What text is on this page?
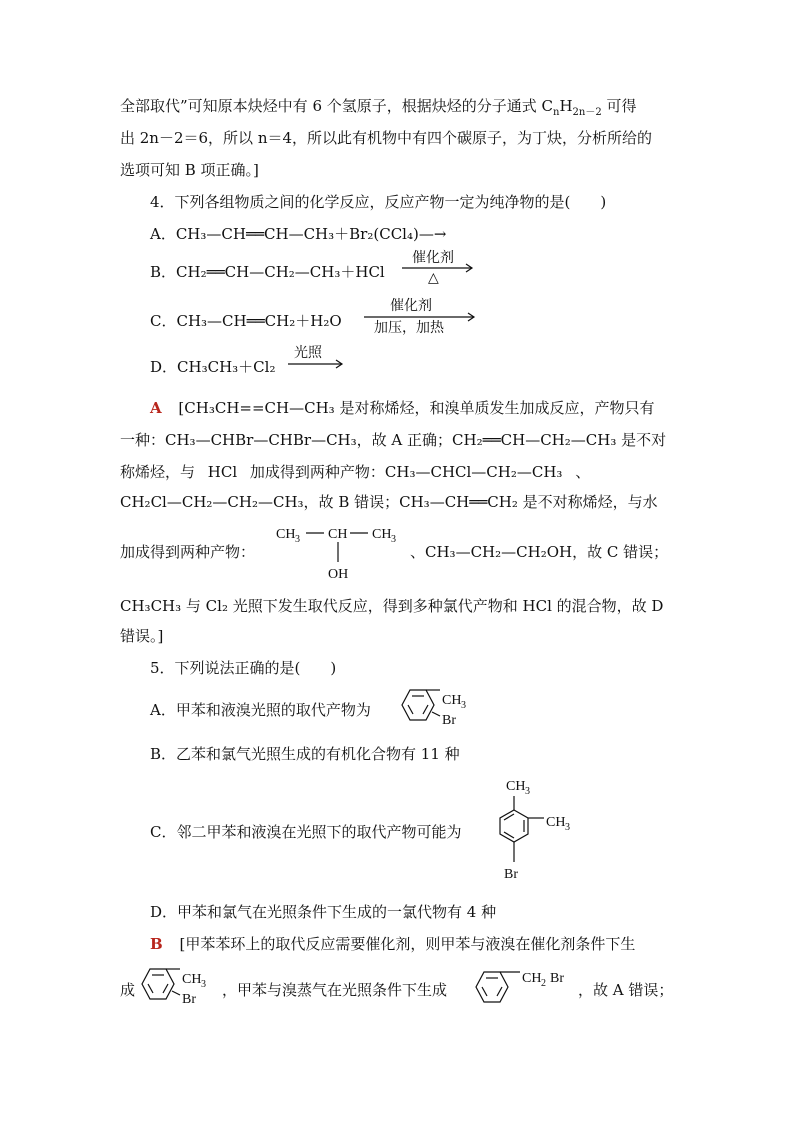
全部取代”可知原本炔烃中有 6 个氢原子，根据炔烃的分子通式 $C_nH_{2n-2}$ 可得
出 2n－2＝6，所以 n＝4，所以此有机物中有四个碳原子，为丁炔，分析所给的
选项可知 B 项正确。]
4．下列各组物质之间的化学反应，反应产物一定为纯净物的是(　　)
A．CH₃—CH══CH—CH₃＋Br₂(CCl₄)—→
B．CH₂══CH—CH₂—CH₃＋HCl
催化剂
△
C．CH₃—CH══CH₂＋H₂O
催化剂
加压，加热
D．CH₃CH₃＋Cl₂
光照
A [CH₃CH==CH—CH₃ 是对称烯烃，和溴单质发生加成反应，产物只有
一种：CH₃—CHBr—CHBr—CH₃，故 A 正确；CH₂══CH—CH₂—CH₃ 是不对
称烯烃，与 HCl 加成得到两种产物：CH₃—CHCl—CH₂—CH₃ 、
CH₂Cl—CH₂—CH₂—CH₃，故 B 错误；CH₃—CH══CH₂ 是不对称烯烃，与水
加成得到两种产物：
CH 3 CH CH 3
OH
、CH₃—CH₂—CH₂OH，故 C 错误；
CH₃CH₃ 与 Cl₂ 光照下发生取代反应，得到多种氯代产物和 HCl 的混合物，故 D
错误。]
5．下列说法正确的是(　　)
A．甲苯和液溴光照的取代产物为
CH 3
Br
B．乙苯和氯气光照生成的有机化合物有 11 种
C．邻二甲苯和液溴在光照下的取代产物可能为
CH 3
CH 3
Br
D．甲苯和氯气在光照条件下生成的一氯代物有 4 种
B [甲苯苯环上的取代反应需要催化剂，则甲苯与液溴在催化剂条件下生
成
CH 3
Br
，甲苯与溴蒸气在光照条件下生成
CH 2 Br
，故 A 错误；
